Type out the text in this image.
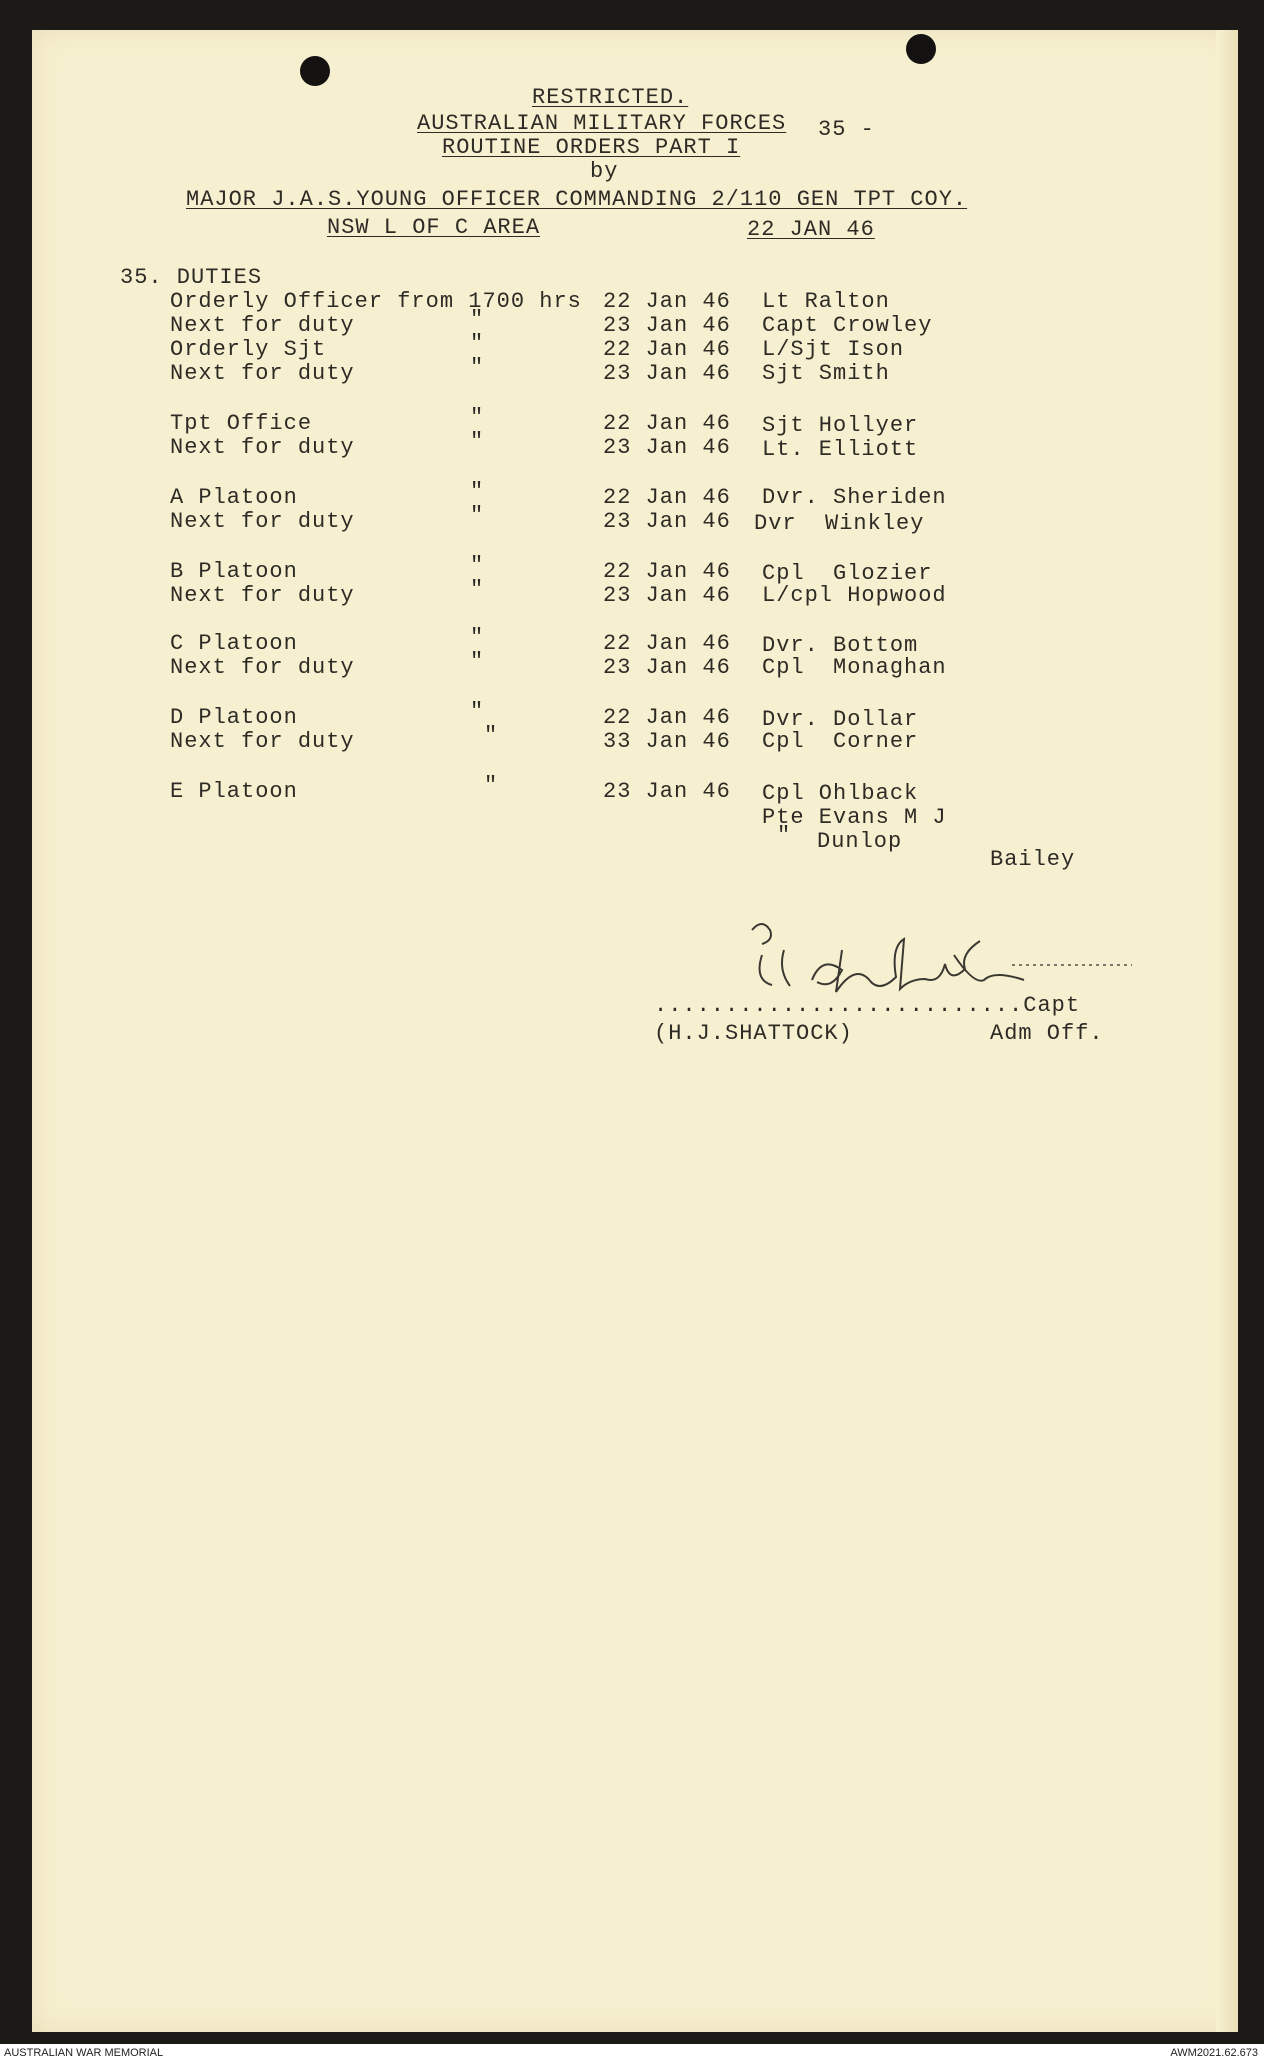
RESTRICTED.
AUSTRALIAN MILITARY FORCES
ROUTINE ORDERS PART I
35 -
by
MAJOR J.A.S.YOUNG OFFICER COMMANDING 2/110 GEN TPT COY.
NSW L OF C AREA	22 JAN 46
35. DUTIES
Orderly Officer from 1700 hrs 22 Jan 46 Lt Ralton
Next for duty	"	23 Jan 46 Capt Crowley
Orderly Sjt	"	22 Jan 46 L/Sjt Ison
Next for duty	"	23 Jan 46 Sjt Smith
Tpt Office	"	22 Jan 46 Sjt Hollyer
Next for duty	"	23 Jan 46 Lt. Elliott
A Platoon	"	22 Jan 46 Dvr. Sheriden
Next for duty	"	23 Jan 46 Dvr  Winkley
B Platoon	"	22 Jan 46 Cpl  Glozier
Next for duty	"	23 Jan 46 L/cpl Hopwood
C Platoon	"	22 Jan 46 Dvr. Bottom
Next for duty	"	23 Jan 46 Cpl  Monaghan
D Platoon	"	22 Jan 46 Dvr. Dollar
Next for duty	"	33 Jan 46 Cpl  Corner
E Platoon	"	23 Jan 46 Cpl Ohlback
Pte Evans M J
" Dunlop
Bailey
..........................Capt
(H.J.SHATTOCK)	Adm Off.
AUSTRALIAN WAR MEMORIAL	AWM2021.62.673
